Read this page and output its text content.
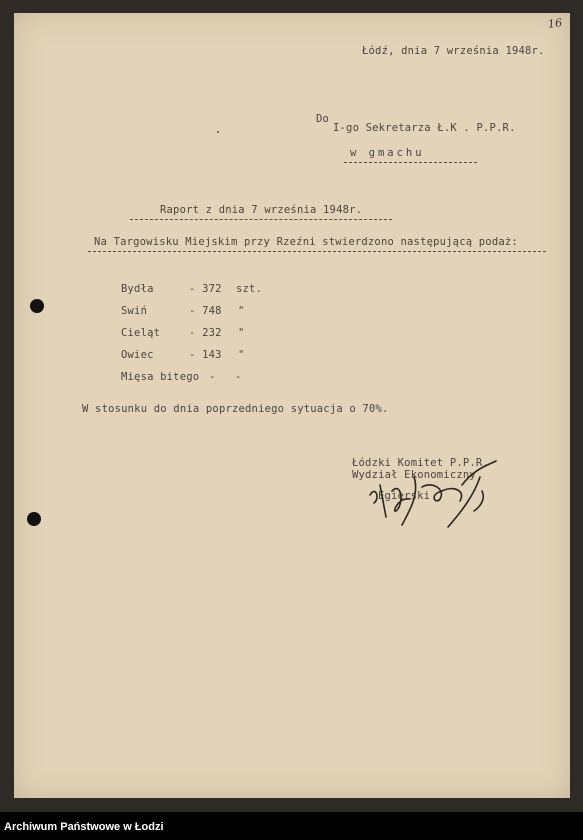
16
Łódź, dnia 7 września 1948r.
Do
I-go Sekretarza Ł.K . P.P.R.
w gmachu
Raport z dnia 7 września 1948r.
Na Targowisku Miejskim przy Rzeźni stwierdzono następującą podaż:
Bydła	- 372 szt.
Swiń	- 748 "
Cieląt	- 232 "
Owiec	- 143 "
Mięsa bitego - -
W stosunku do dnia poprzedniego sytuacja o 70%.
Łódzki Komitet P.P.R.
Wydział Ekonomiczny
Egierski
Archiwum Państwowe w Łodzi
